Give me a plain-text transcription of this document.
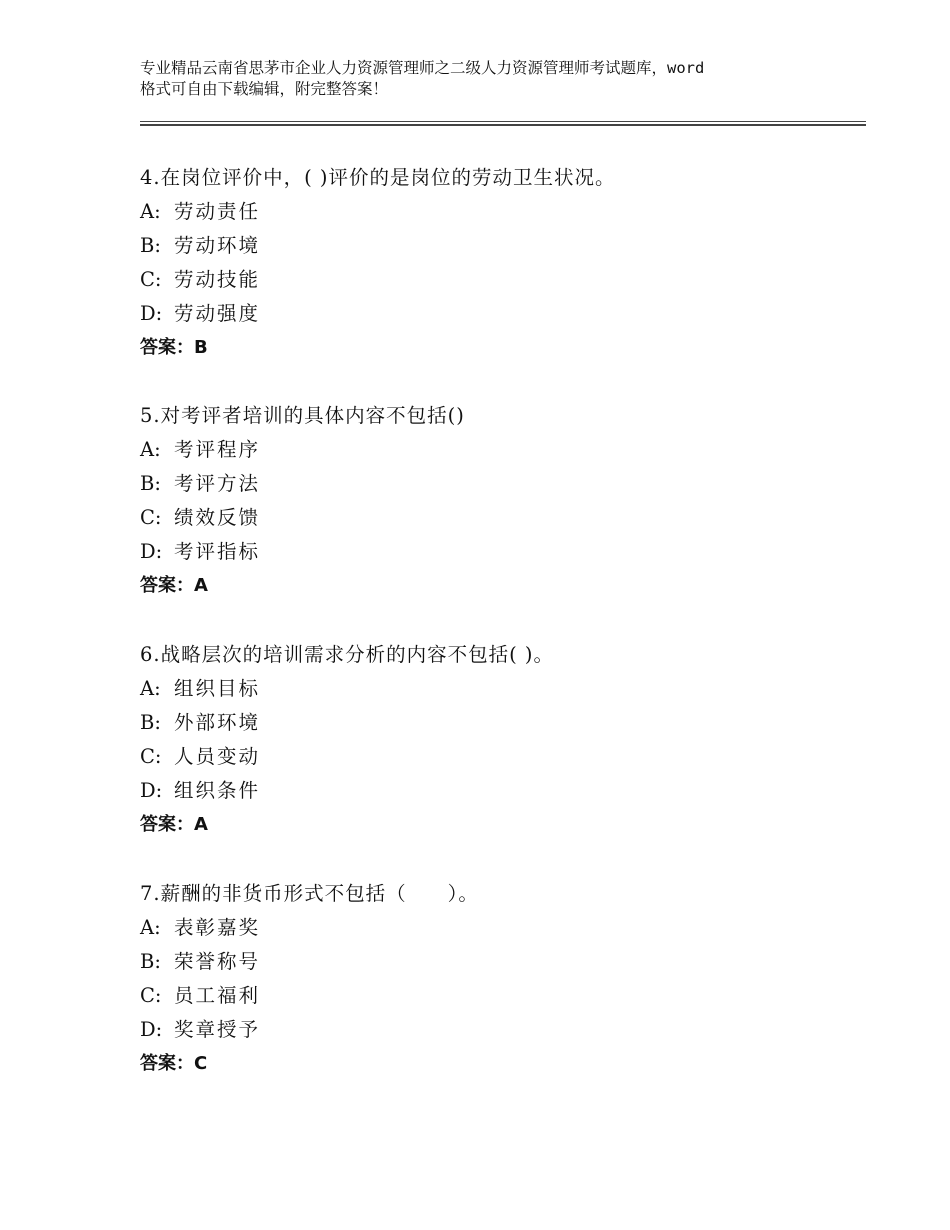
专业精品云南省思茅市企业人力资源管理师之二级人力资源管理师考试题库，word
格式可自由下载编辑，附完整答案！
4.在岗位评价中，( )评价的是岗位的劳动卫生状况。
A: 劳动责任
B: 劳动环境
C: 劳动技能
D: 劳动强度
答案：B
5.对考评者培训的具体内容不包括()
A: 考评程序
B: 考评方法
C: 绩效反馈
D: 考评指标
答案：A
6.战略层次的培训需求分析的内容不包括( )。
A: 组织目标
B: 外部环境
C: 人员变动
D: 组织条件
答案：A
7.薪酬的非货币形式不包括（　　）。
A: 表彰嘉奖
B: 荣誉称号
C: 员工福利
D: 奖章授予
答案：C
